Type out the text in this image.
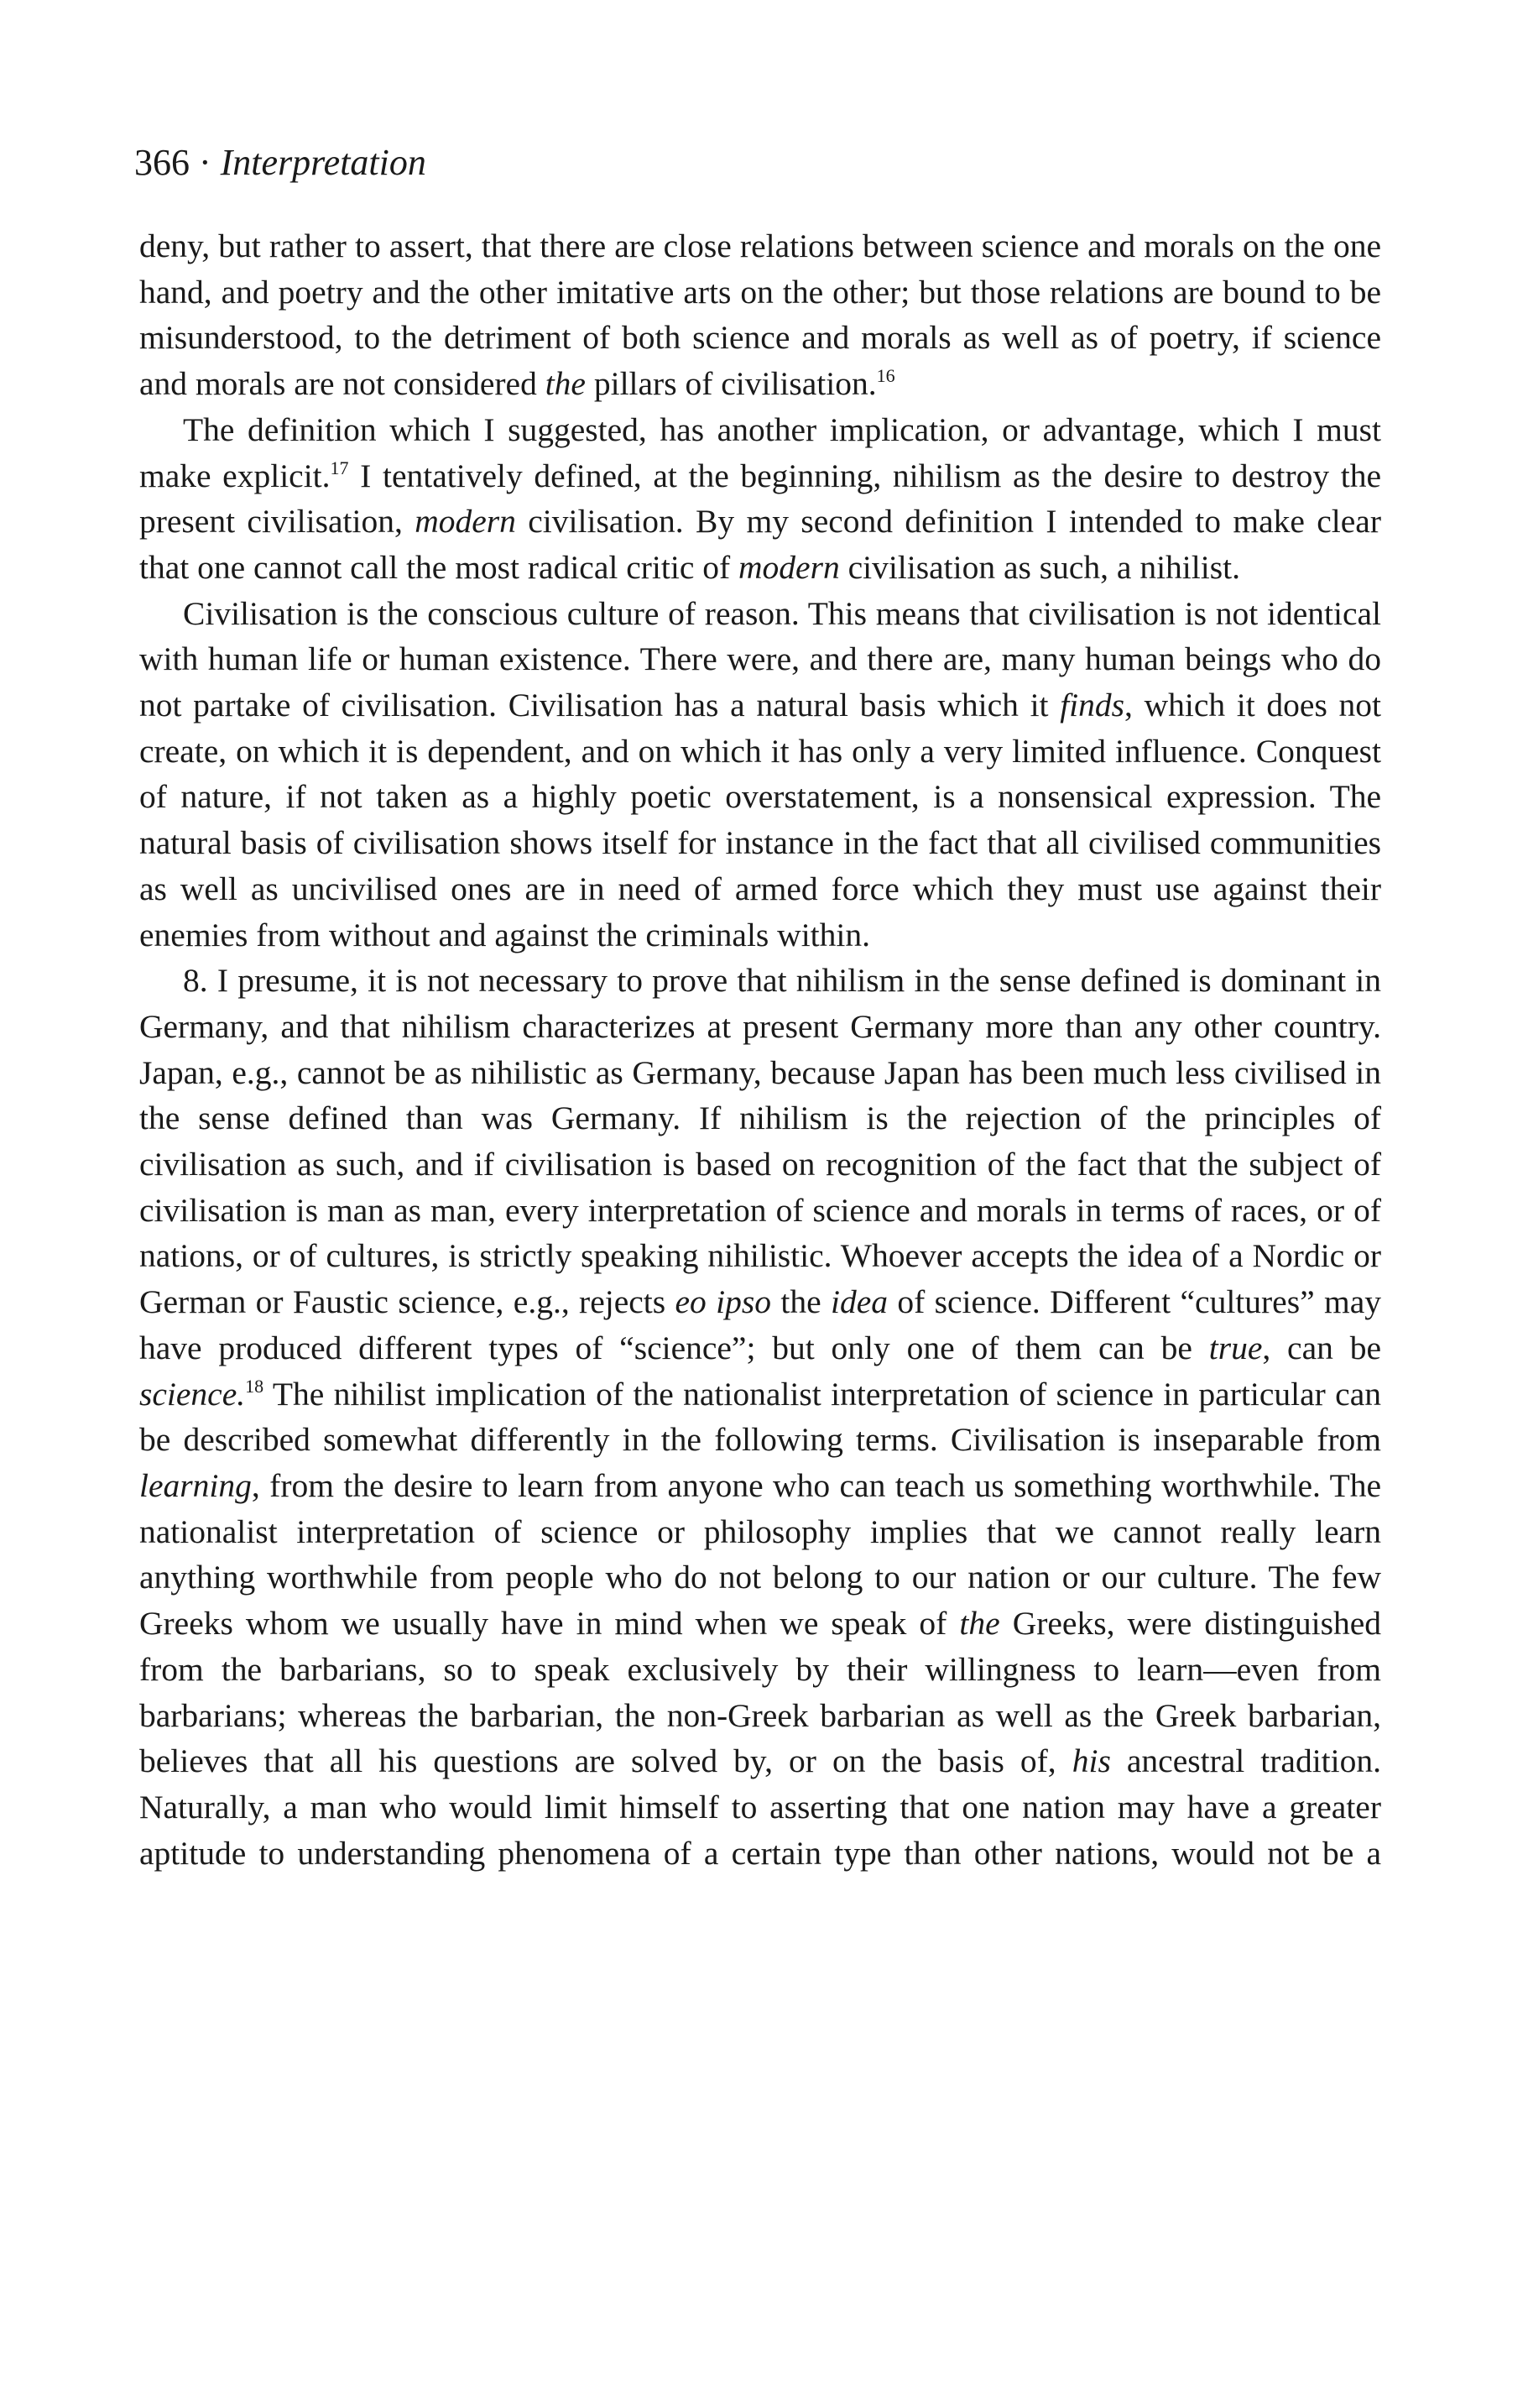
366 · Interpretation

deny, but rather to assert, that there are close relations between science and morals on the one hand, and poetry and the other imitative arts on the other; but those relations are bound to be misunderstood, to the detriment of both science and morals as well as of poetry, if science and morals are not considered the pillars of civilisation.$^{16}$

The definition which I suggested, has another implication, or advantage, which I must make explicit.$^{17}$ I tentatively defined, at the beginning, nihilism as the desire to destroy the present civilisation, modern civilisation. By my second definition I intended to make clear that one cannot call the most radical critic of modern civilisation as such, a nihilist.

Civilisation is the conscious culture of reason. This means that civilisation is not identical with human life or human existence. There were, and there are, many human beings who do not partake of civilisation. Civilisation has a natural basis which it finds, which it does not create, on which it is dependent, and on which it has only a very limited influence. Conquest of nature, if not taken as a highly poetic overstatement, is a nonsensical expression. The natural basis of civilisation shows itself for instance in the fact that all civilised communities as well as uncivilised ones are in need of armed force which they must use against their enemies from without and against the criminals within.

8. I presume, it is not necessary to prove that nihilism in the sense defined is dominant in Germany, and that nihilism characterizes at present Germany more than any other country. Japan, e.g., cannot be as nihilistic as Germany, because Japan has been much less civilised in the sense defined than was Germany. If nihilism is the rejection of the principles of civilisation as such, and if civilisation is based on recognition of the fact that the subject of civilisation is man as man, every interpretation of science and morals in terms of races, or of nations, or of cultures, is strictly speaking nihilistic. Whoever accepts the idea of a Nordic or German or Faustic science, e.g., rejects eo ipso the idea of science. Different “cultures” may have produced different types of “science”; but only one of them can be true, can be science.$^{18}$ The nihilist implication of the nationalist interpretation of science in particular can be described somewhat differently in the following terms. Civilisation is inseparable from learning, from the desire to learn from anyone who can teach us something worthwhile. The nationalist interpretation of science or philosophy implies that we cannot really learn anything worthwhile from people who do not belong to our nation or our culture. The few Greeks whom we usually have in mind when we speak of the Greeks, were distinguished from the barbarians, so to speak exclusively by their willingness to learn—even from barbarians; whereas the barbarian, the non-Greek barbarian as well as the Greek barbarian, believes that all his questions are solved by, or on the basis of, his ancestral tradition. Naturally, a man who would limit himself to asserting that one nation may have a greater aptitude to understanding phenomena of a certain type than other nations, would not be a
